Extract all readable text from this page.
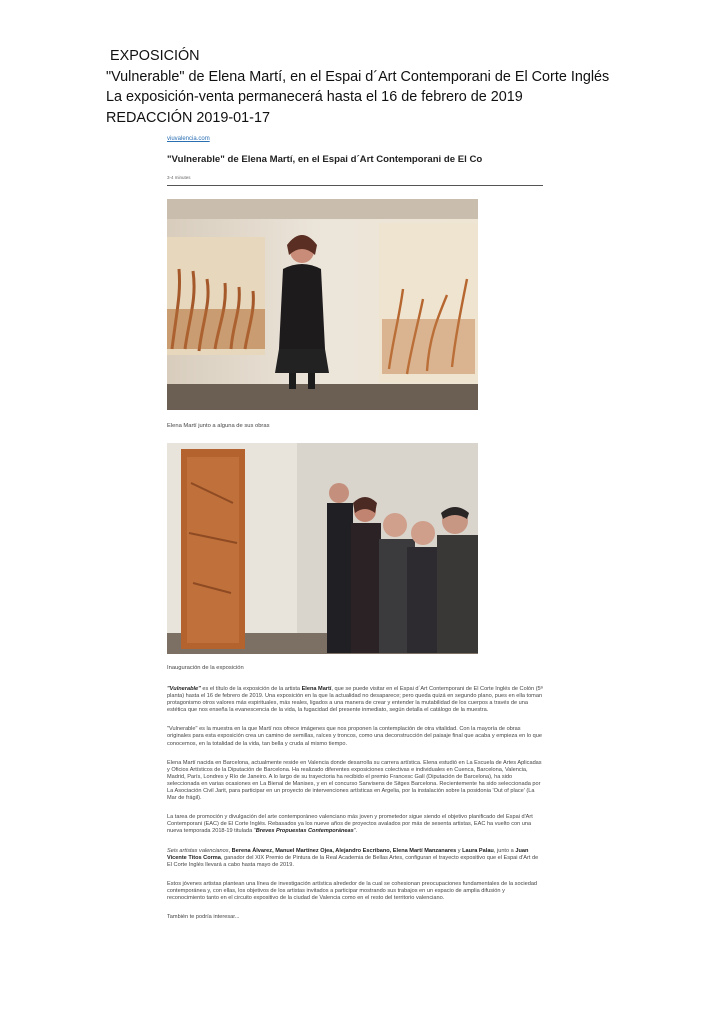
EXPOSICIÓN
"Vulnerable" de Elena Martí, en el Espai d´Art Contemporani de El Corte Inglés
La exposición-venta permanecerá hasta el 16 de febrero de 2019
REDACCIÓN 2019-01-17
viuvalencia.com
"Vulnerable" de Elena Martí, en el Espai d´Art Contemporani de El Co
3-4 minutes
Elena Martí junto a alguna de sus obras
Inauguración de la exposición

"Vulnerable" es el título de la exposición de la artista Elena Martí, que se puede visitar en el Espai d´Art Contemporani de El Corte Inglés de Colón (5ª planta) hasta el 16 de febrero de 2019. Una exposición en la que la actualidad no desaparece; pero queda quizá en segundo plano, pues en ella toman protagonismo otros valores más espirituales, más reales, ligados a una manera de crear y entender la mutabilidad de los cuerpos a través de una estética que nos enseña la evanescencia de la vida, la fugacidad del presente inmediato, según detalla el catálogo de la muestra.

"Vulnerable" es la muestra en la que Martí nos ofrece imágenes que nos proponen la contemplación de otra vitalidad. Con la mayoría de obras originales para esta exposición crea un camino de semillas, raíces y troncos, como una deconstrucción del paisaje final que acaba y empieza en lo que conocemos, en la totalidad de la vida, tan bella y cruda al mismo tiempo.

Elena Martí nacida en Barcelona, actualmente reside en Valencia donde desarrolla su carrera artística. Elena estudió en La Escuela de Artes Aplicadas y Oficios Artísticos de la Diputación de Barcelona. Ha realizado diferentes exposiciones colectivas e individuales en Cuenca, Barcelona, Valencia, Madrid, París, Londres y Río de Janeiro. A lo largo de su trayectoria ha recibido el premio Francesc Galí (Diputación de Barcelona), ha sido seleccionada en varias ocasiones en La Bienal de Manises, y en el concurso Sanvisens de Sitges Barcelona. Recientemente ha sido seleccionada por La Asociación Civil Jarit, para participar en un proyecto de intervenciones artísticas en Argelia, por la instalación sobre la posidonia 'Out of place' (La Mar de frágil).

La tarea de promoción y divulgación del arte contemporáneo valenciano más joven y prometedor sigue siendo el objetivo planificado del Espai d'Art Contemporani (EAC) de El Corte Inglés. Rebasados ya los nueve años de proyectos avalados por más de sesenta artistas, EAC ha vuelto con una nueva temporada 2018-19 titulada "Breves Propuestas Contemporáneas".

Seis artistas valencianos, Berena Álvarez, Manuel Martínez Ojea, Alejandro Escribano, Elena Martí Manzanares y Laura Palau, junto a Juan Vicente Titos Corma, ganador del XIX Premio de Pintura de la Real Academia de Bellas Artes, configuran el trayecto expositivo que el Espai d'Art de El Corte Inglés llevará a cabo hasta mayo de 2019.

Estos jóvenes artistas plantean una línea de investigación artística alrededor de la cual se cohesionan preocupaciones fundamentales de la sociedad contemporánea y, con ellas, los objetivos de los artistas invitados a participar mostrando sus trabajos en un espacio de amplia difusión y reconocimiento tanto en el circuito expositivo de la ciudad de Valencia como en el resto del territorio valenciano.

También te podría interesar...
